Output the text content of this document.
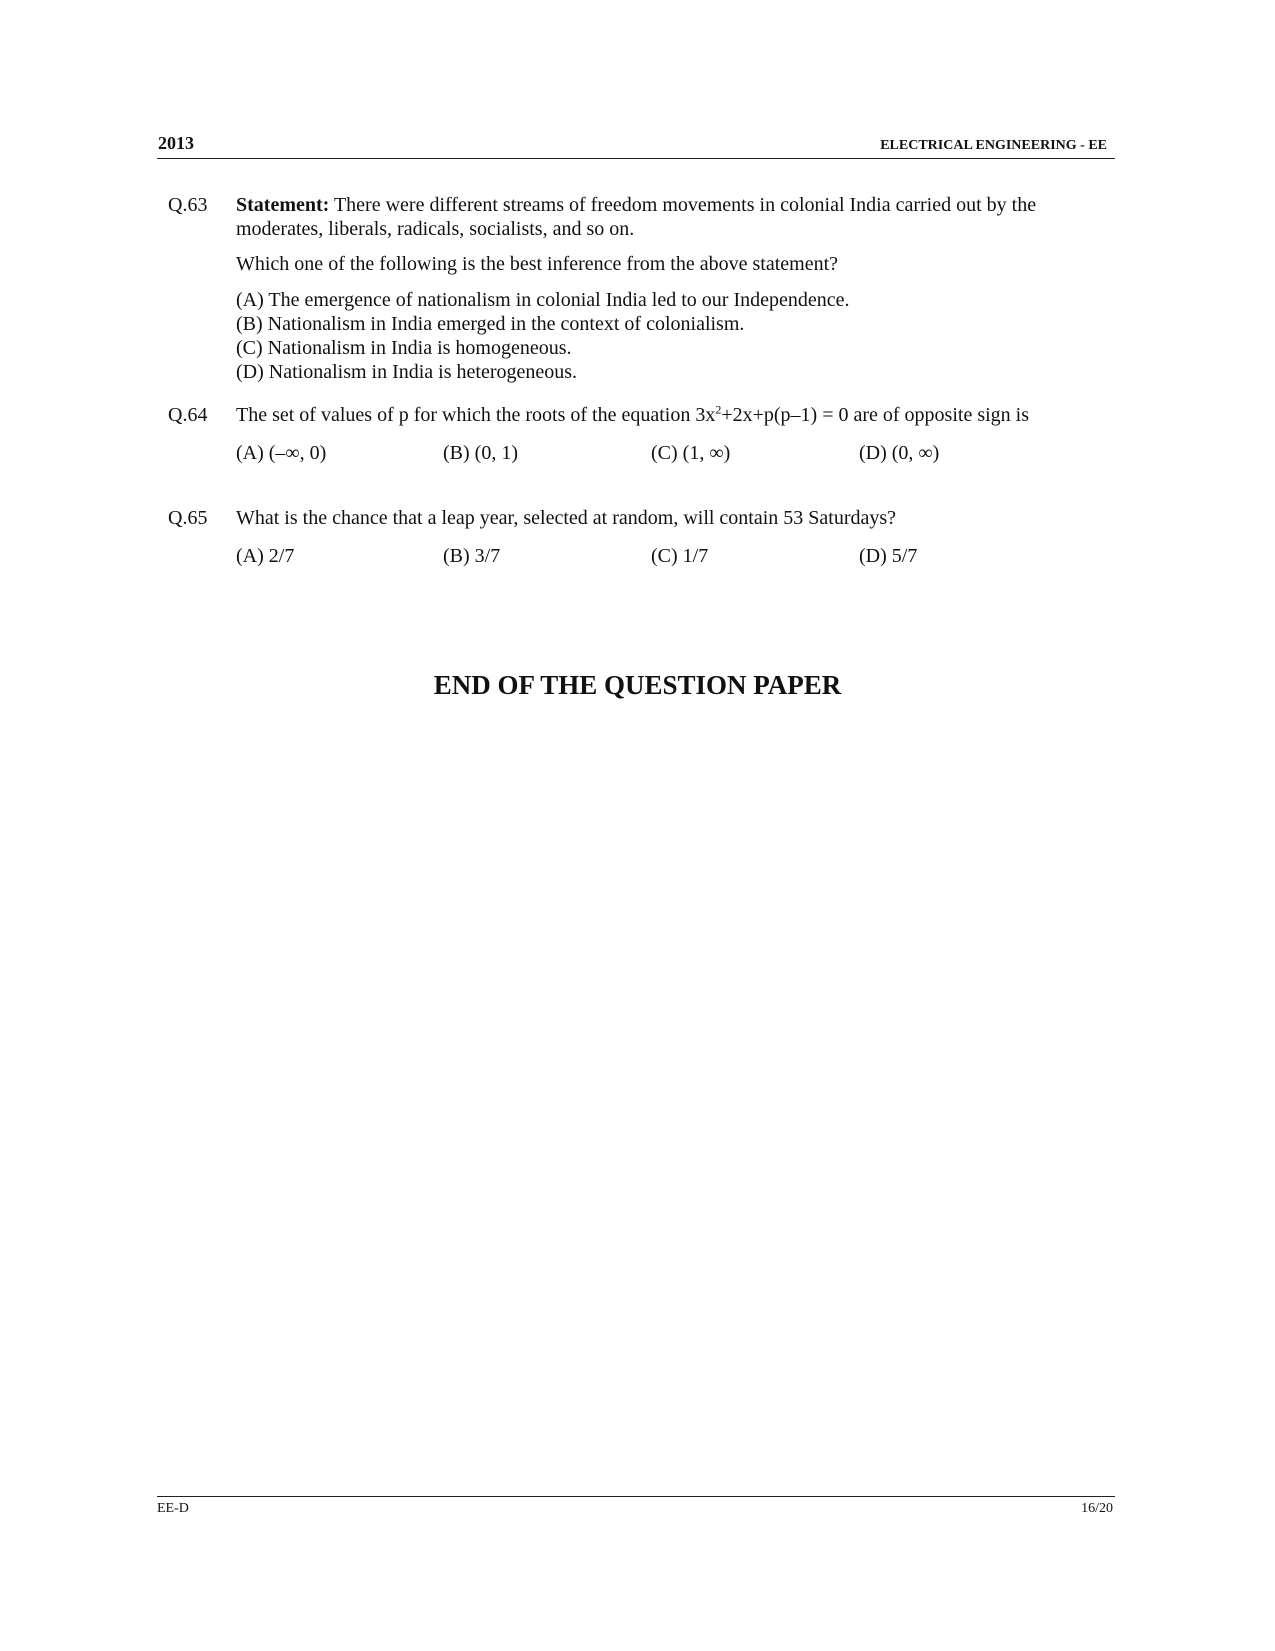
2013	ELECTRICAL ENGINEERING - EE
Q.63 Statement: There were different streams of freedom movements in colonial India carried out by the moderates, liberals, radicals, socialists, and so on.

Which one of the following is the best inference from the above statement?

(A) The emergence of nationalism in colonial India led to our Independence.
(B) Nationalism in India emerged in the context of colonialism.
(C) Nationalism in India is homogeneous.
(D) Nationalism in India is heterogeneous.
Q.64 The set of values of p for which the roots of the equation $3x^2+2x+p(p-1) = 0$ are of opposite sign is

(A) (–∞, 0)	(B) (0, 1)	(C) (1, ∞)	(D) (0, ∞)
Q.65 What is the chance that a leap year, selected at random, will contain 53 Saturdays?

(A) 2/7	(B) 3/7	(C) 1/7	(D) 5/7
END OF THE QUESTION PAPER
EE-D	16/20
